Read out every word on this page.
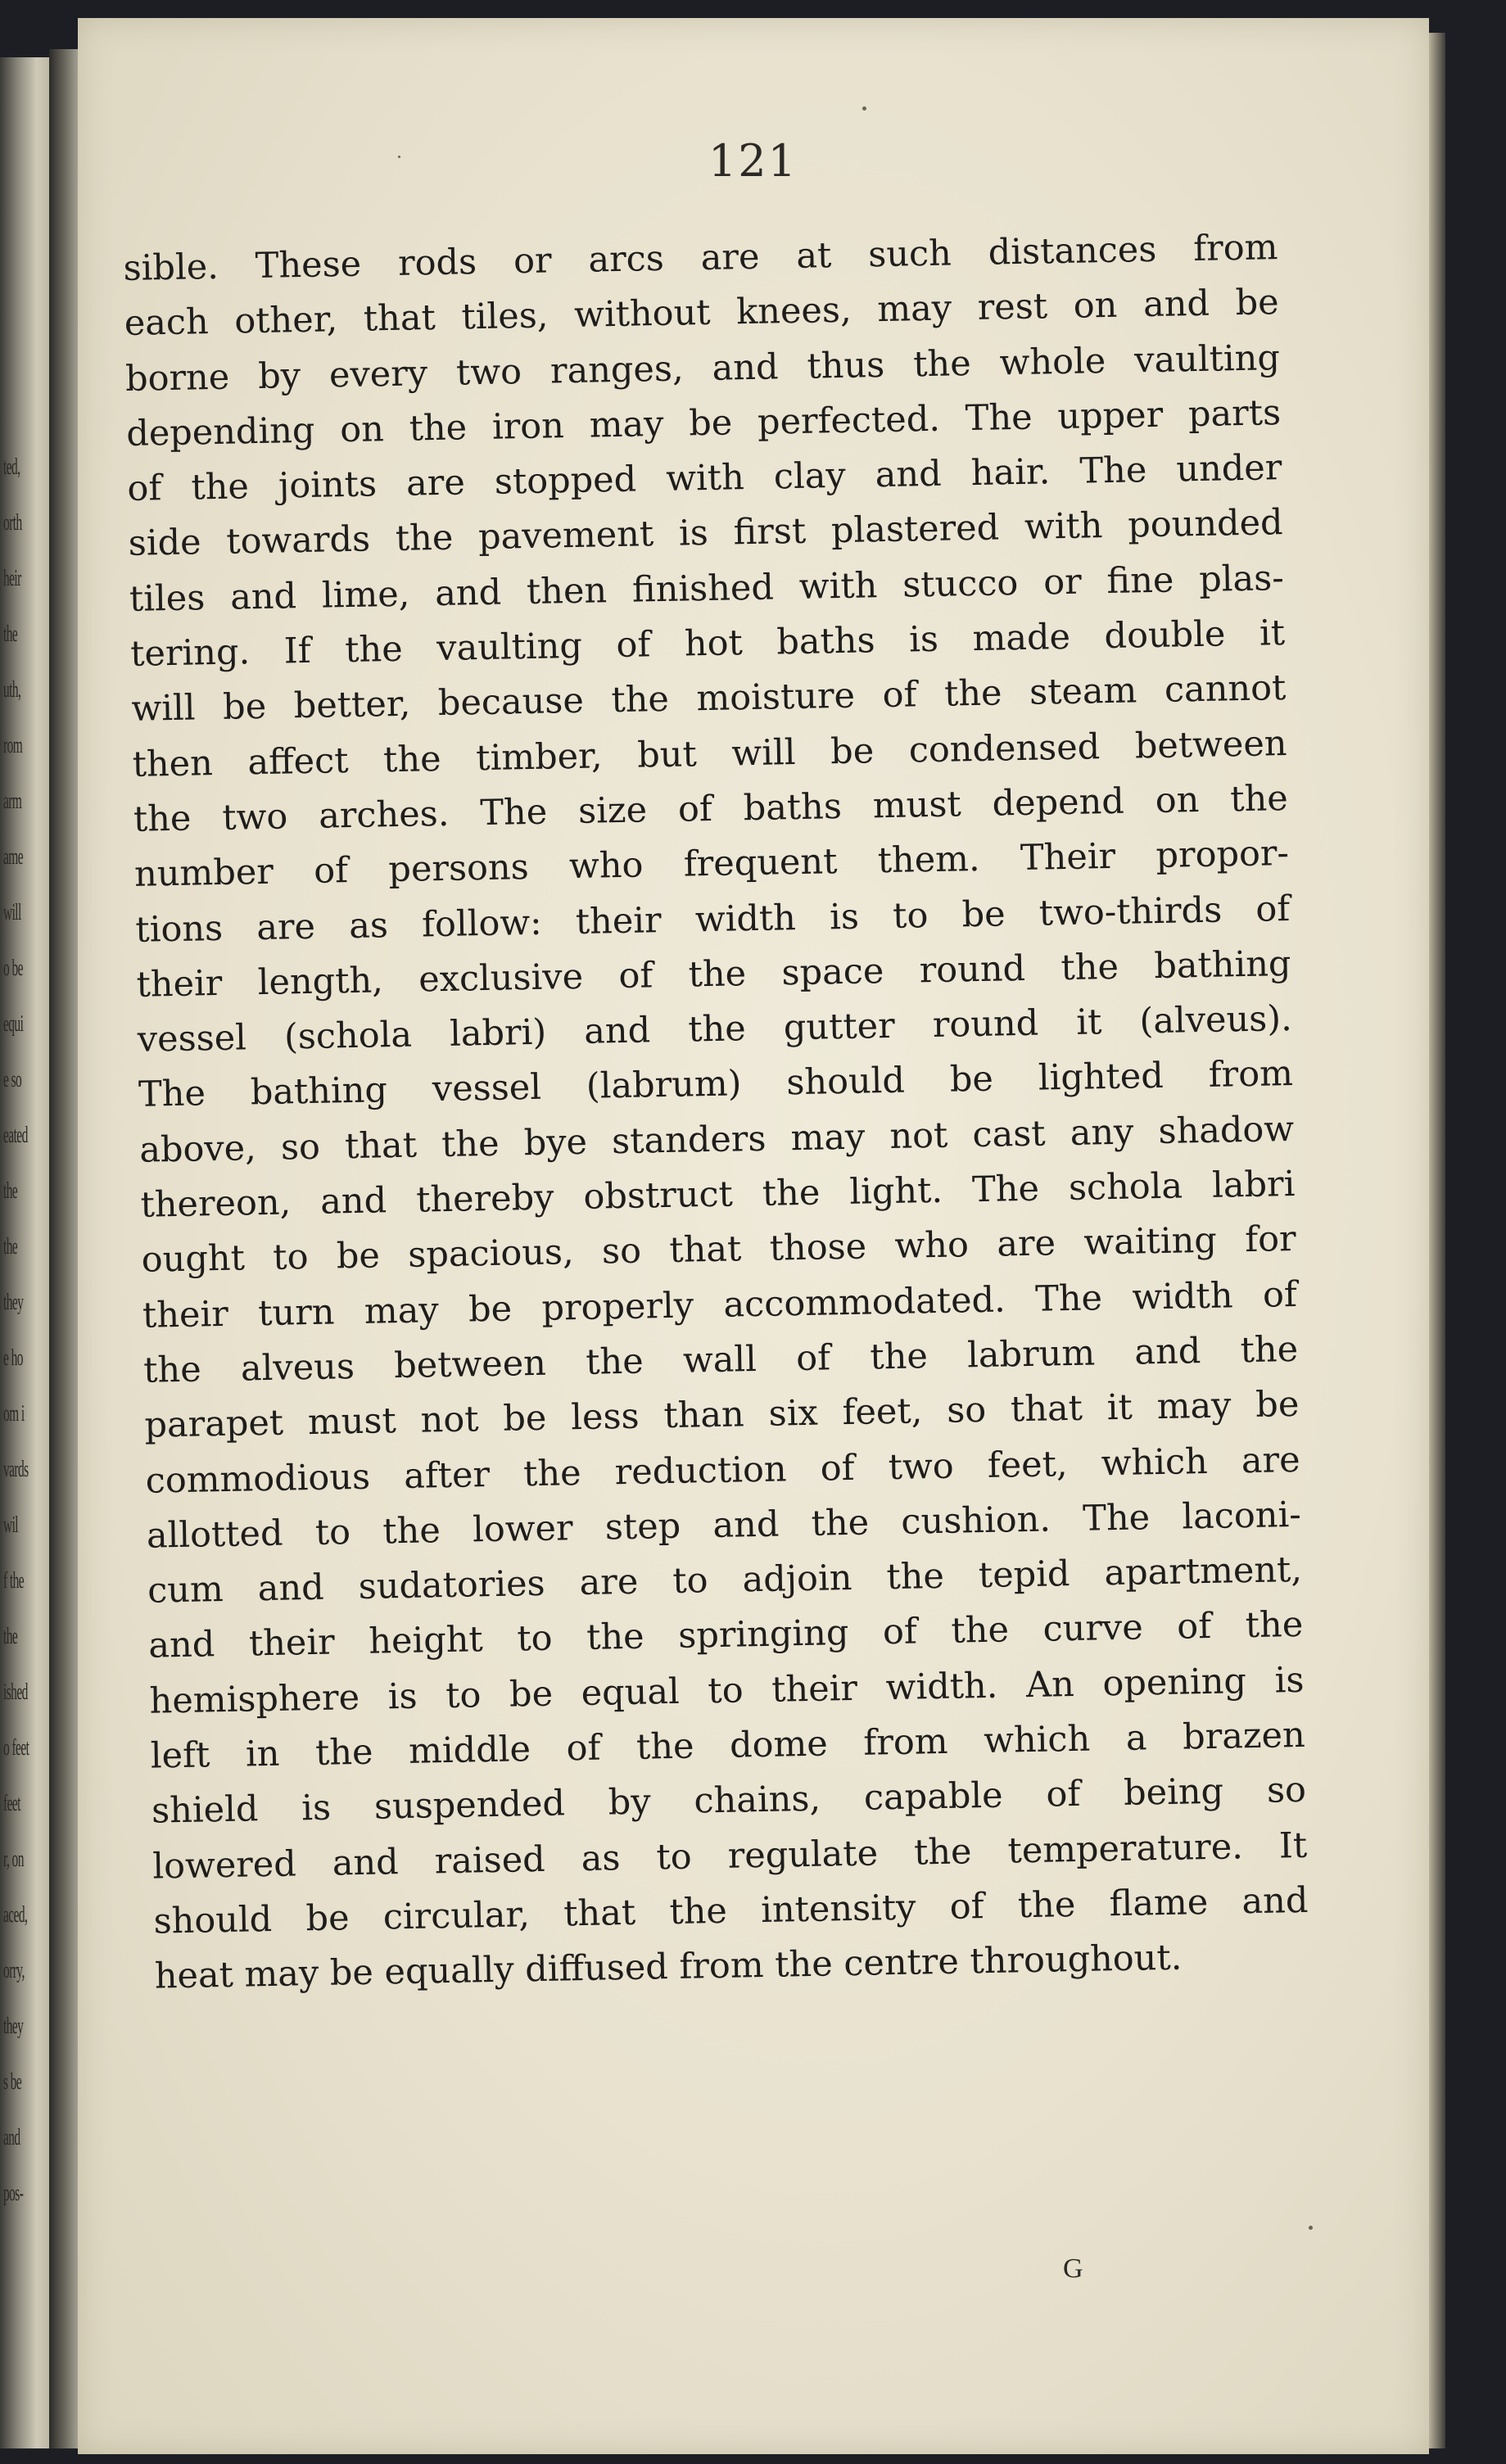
ted,
orth
heir
the
uth,
rom
arm
ame
will
o be
equi
e so
eated
the
the
they
e ho
om i
vards
wil
f the
the
ished
o feet
feet
r, on
aced,
orry,
they
s be
and
pos-
121
sible. These rods or arcs are at such distances from
each other, that tiles, without knees, may rest on and be
borne by every two ranges, and thus the whole vaulting
depending on the iron may be perfected. The upper parts
of the joints are stopped with clay and hair. The under
side towards the pavement is first plastered with pounded
tiles and lime, and then finished with stucco or fine plas-
tering. If the vaulting of hot baths is made double it
will be better, because the moisture of the steam cannot
then affect the timber, but will be condensed between
the two arches. The size of baths must depend on the
number of persons who frequent them. Their propor-
tions are as follow: their width is to be two-thirds of
their length, exclusive of the space round the bathing
vessel (schola labri) and the gutter round it (alveus).
The bathing vessel (labrum) should be lighted from
above, so that the bye standers may not cast any shadow
thereon, and thereby obstruct the light. The schola labri
ought to be spacious, so that those who are waiting for
their turn may be properly accommodated. The width of
the alveus between the wall of the labrum and the
parapet must not be less than six feet, so that it may be
commodious after the reduction of two feet, which are
allotted to the lower step and the cushion. The laconi-
cum and sudatories are to adjoin the tepid apartment,
and their height to the springing of the curve of the
hemisphere is to be equal to their width. An opening is
left in the middle of the dome from which a brazen
shield is suspended by chains, capable of being so
lowered and raised as to regulate the temperature. It
should be circular, that the intensity of the flame and
heat may be equally diffused from the centre throughout.
G
